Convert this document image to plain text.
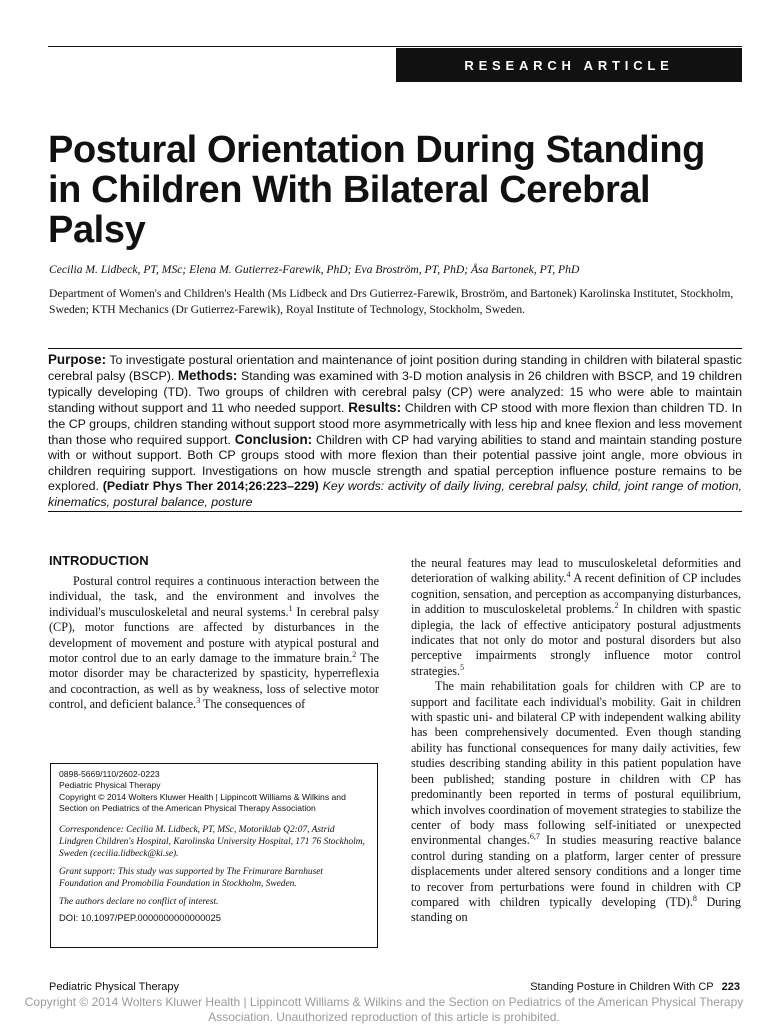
RESEARCH ARTICLE
Postural Orientation During Standing in Children With Bilateral Cerebral Palsy
Cecilia M. Lidbeck, PT, MSc; Elena M. Gutierrez-Farewik, PhD; Eva Broström, PT, PhD; Åsa Bartonek, PT, PhD
Department of Women's and Children's Health (Ms Lidbeck and Drs Gutierrez-Farewik, Broström, and Bartonek) Karolinska Institutet, Stockholm, Sweden; KTH Mechanics (Dr Gutierrez-Farewik), Royal Institute of Technology, Stockholm, Sweden.
Purpose: To investigate postural orientation and maintenance of joint position during standing in children with bilateral spastic cerebral palsy (BSCP). Methods: Standing was examined with 3-D motion analysis in 26 children with BSCP, and 19 children typically developing (TD). Two groups of children with cerebral palsy (CP) were analyzed: 15 who were able to maintain standing without support and 11 who needed support. Results: Children with CP stood with more flexion than children TD. In the CP groups, children standing without support stood more asymmetrically with less hip and knee flexion and less movement than those who required support. Conclusion: Children with CP had varying abilities to stand and maintain standing posture with or without support. Both CP groups stood with more flexion than their potential passive joint angle, more obvious in children requiring support. Investigations on how muscle strength and spatial perception influence posture remains to be explored. (Pediatr Phys Ther 2014;26:223–229) Key words: activity of daily living, cerebral palsy, child, joint range of motion, kinematics, postural balance, posture
INTRODUCTION

Postural control requires a continuous interaction between the individual, the task, and the environment and involves the individual's musculoskeletal and neural systems.$^1$ In cerebral palsy (CP), motor functions are affected by disturbances in the development of movement and posture with atypical postural and motor control due to an early damage to the immature brain.$^2$ The motor disorder may be characterized by spasticity, hyperreflexia and cocontraction, as well as by weakness, loss of selective motor control, and deficient balance.$^3$ The consequences of

0898-5669/110/2602-0223
Pediatric Physical Therapy
Copyright © 2014 Wolters Kluwer Health | Lippincott Williams & Wilkins and Section on Pediatrics of the American Physical Therapy Association
Correspondence: Cecilia M. Lidbeck, PT, MSc, Motoriklab Q2:07, Astrid Lindgren Children's Hospital, Karolinska University Hospital, 171 76 Stockholm, Sweden (cecilia.lidbeck@ki.se).
Grant support: This study was supported by The Frimurare Barnhuset Foundation and Promobilia Foundation in Stockholm, Sweden.
The authors declare no conflict of interest.
DOI: 10.1097/PEP.0000000000000025

the neural features may lead to musculoskeletal deformities and deterioration of walking ability.$^4$ A recent definition of CP includes cognition, sensation, and perception as accompanying disturbances, in addition to musculoskeletal problems.$^2$ In children with spastic diplegia, the lack of effective anticipatory postural adjustments indicates that not only do motor and postural disorders but also perceptive impairments strongly influence motor control strategies.$^5$

The main rehabilitation goals for children with CP are to support and facilitate each individual's mobility. Gait in children with spastic uni- and bilateral CP with independent walking ability has been comprehensively documented. Even though standing ability has functional consequences for many daily activities, few studies describing standing ability in this patient population have been published; standing posture in children with CP has predominantly been reported in terms of postural equilibrium, which involves coordination of movement strategies to stabilize the center of body mass following self-initiated or unexpected environmental changes.$^{6,7}$ In studies measuring reactive balance control during standing on a platform, larger center of pressure displacements under altered sensory conditions and a longer time to recover from perturbations were found in children with CP compared with children typically developing (TD).$^8$ During standing on

Pediatric Physical Therapy	Standing Posture in Children With CP 223
Copyright © 2014 Wolters Kluwer Health | Lippincott Williams & Wilkins and the Section on Pediatrics of the American Physical Therapy Association. Unauthorized reproduction of this article is prohibited.
